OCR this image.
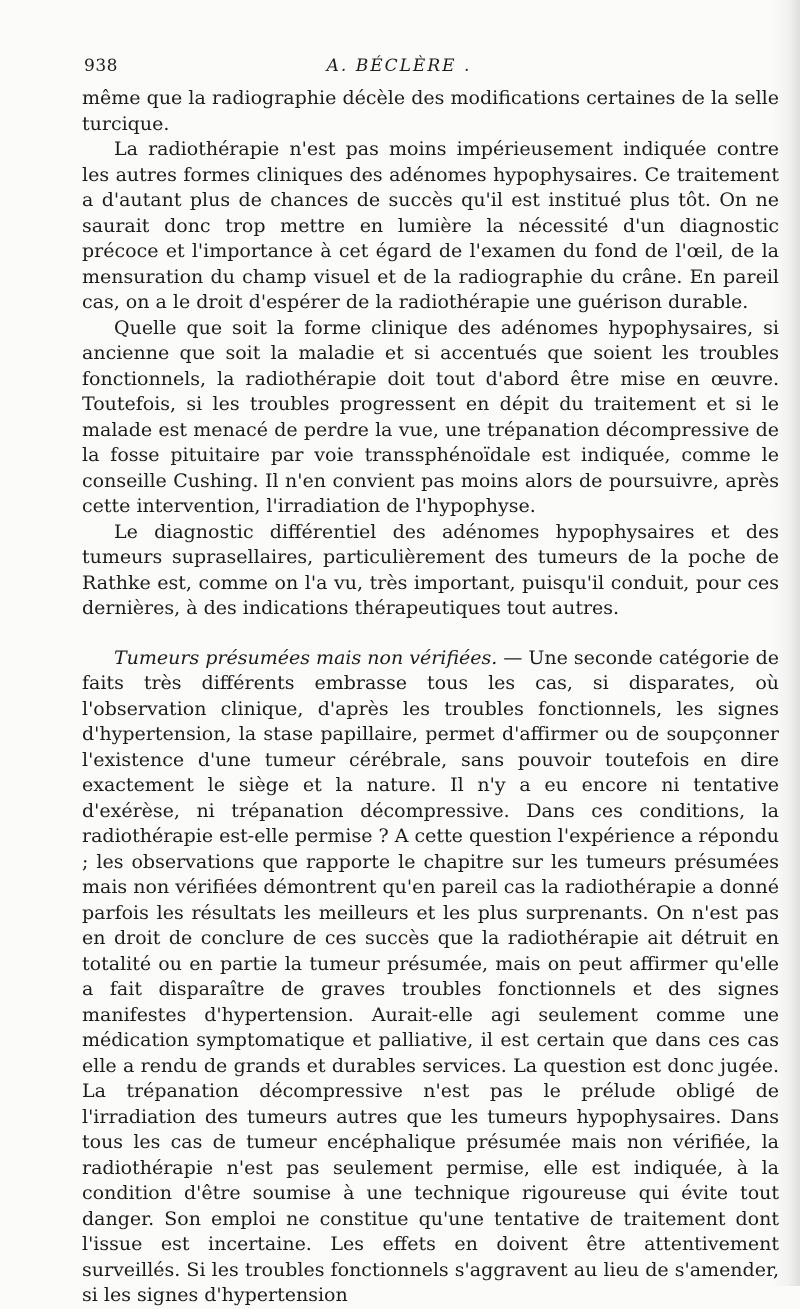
938	A. BÉCLÈRE .

même que la radiographie décèle des modifications certaines de la selle turcique.

La radiothérapie n'est pas moins impérieusement indiquée contre les autres formes cliniques des adénomes hypophysaires. Ce traitement a d'autant plus de chances de succès qu'il est institué plus tôt. On ne saurait donc trop mettre en lumière la nécessité d'un diagnostic précoce et l'importance à cet égard de l'examen du fond de l'œil, de la mensuration du champ visuel et de la radiographie du crâne. En pareil cas, on a le droit d'espérer de la radiothérapie une guérison durable.

Quelle que soit la forme clinique des adénomes hypophysaires, si ancienne que soit la maladie et si accentués que soient les troubles fonctionnels, la radiothérapie doit tout d'abord être mise en œuvre. Toutefois, si les troubles progressent en dépit du traitement et si le malade est menacé de perdre la vue, une trépanation décompressive de la fosse pituitaire par voie transsphénoïdale est indiquée, comme le conseille Cushing. Il n'en convient pas moins alors de poursuivre, après cette intervention, l'irradiation de l'hypophyse.

Le diagnostic différentiel des adénomes hypophysaires et des tumeurs suprasellaires, particulièrement des tumeurs de la poche de Rathke est, comme on l'a vu, très important, puisqu'il conduit, pour ces dernières, à des indications thérapeutiques tout autres.

Tumeurs présumées mais non vérifiées. — Une seconde catégorie de faits très différents embrasse tous les cas, si disparates, où l'observation clinique, d'après les troubles fonctionnels, les signes d'hypertension, la stase papillaire, permet d'affirmer ou de soupçonner l'existence d'une tumeur cérébrale, sans pouvoir toutefois en dire exactement le siège et la nature. Il n'y a eu encore ni tentative d'exérèse, ni trépanation décompressive. Dans ces conditions, la radiothérapie est-elle permise ? A cette question l'expérience a répondu ; les observations que rapporte le chapitre sur les tumeurs présumées mais non vérifiées démontrent qu'en pareil cas la radiothérapie a donné parfois les résultats les meilleurs et les plus surprenants. On n'est pas en droit de conclure de ces succès que la radiothérapie ait détruit en totalité ou en partie la tumeur présumée, mais on peut affirmer qu'elle a fait disparaître de graves troubles fonctionnels et des signes manifestes d'hypertension. Aurait-elle agi seulement comme une médication symptomatique et palliative, il est certain que dans ces cas elle a rendu de grands et durables services. La question est donc jugée. La trépanation décompressive n'est pas le prélude obligé de l'irradiation des tumeurs autres que les tumeurs hypophysaires. Dans tous les cas de tumeur encéphalique présumée mais non vérifiée, la radiothérapie n'est pas seulement permise, elle est indiquée, à la condition d'être soumise à une technique rigoureuse qui évite tout danger. Son emploi ne constitue qu'une tentative de traitement dont l'issue est incertaine. Les effets en doivent être attentivement surveillés. Si les troubles fonctionnels s'aggravent au lieu de s'amender, si les signes d'hypertension
